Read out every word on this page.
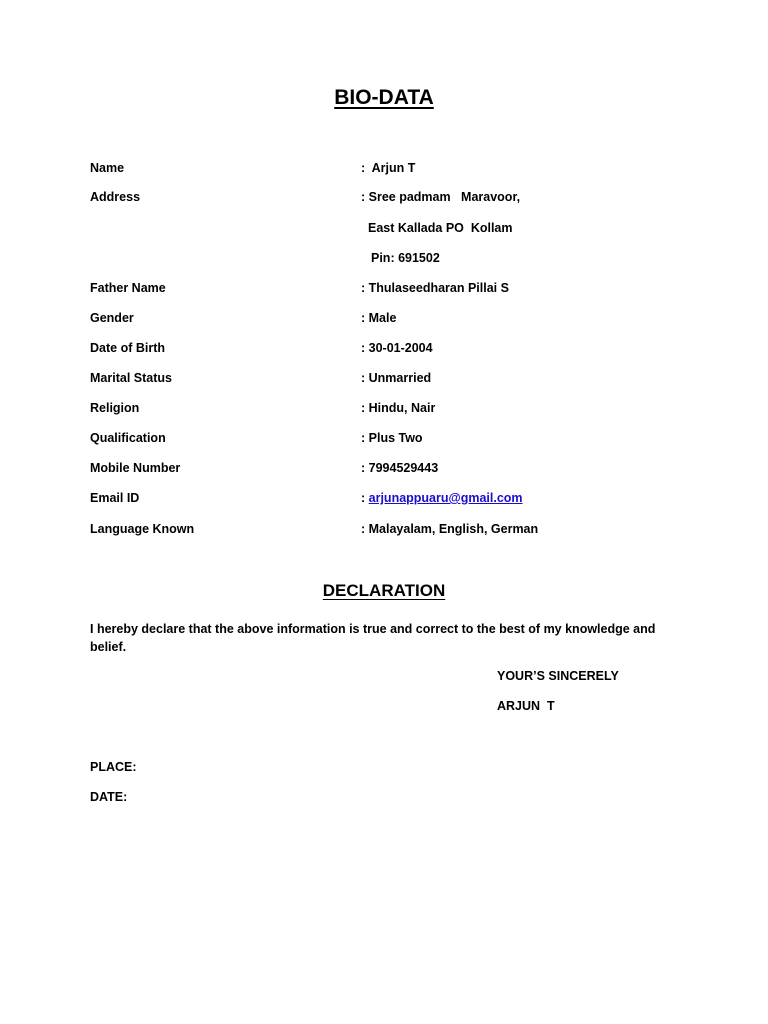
BIO-DATA
Name	:  Arjun T
Address	: Sree padmam   Maravoor,
East Kallada PO  Kollam
Pin: 691502
Father Name	: Thulaseedharan Pillai S
Gender	: Male
Date of Birth	: 30-01-2004
Marital Status	: Unmarried
Religion	: Hindu, Nair
Qualification	: Plus Two
Mobile Number	: 7994529443
Email ID	: arjunappuaru@gmail.com
Language Known	: Malayalam, English, German
DECLARATION
I hereby declare that the above information is true and correct to the best of my knowledge and belief.
YOUR’S SINCERELY
ARJUN  T
PLACE:
DATE:
